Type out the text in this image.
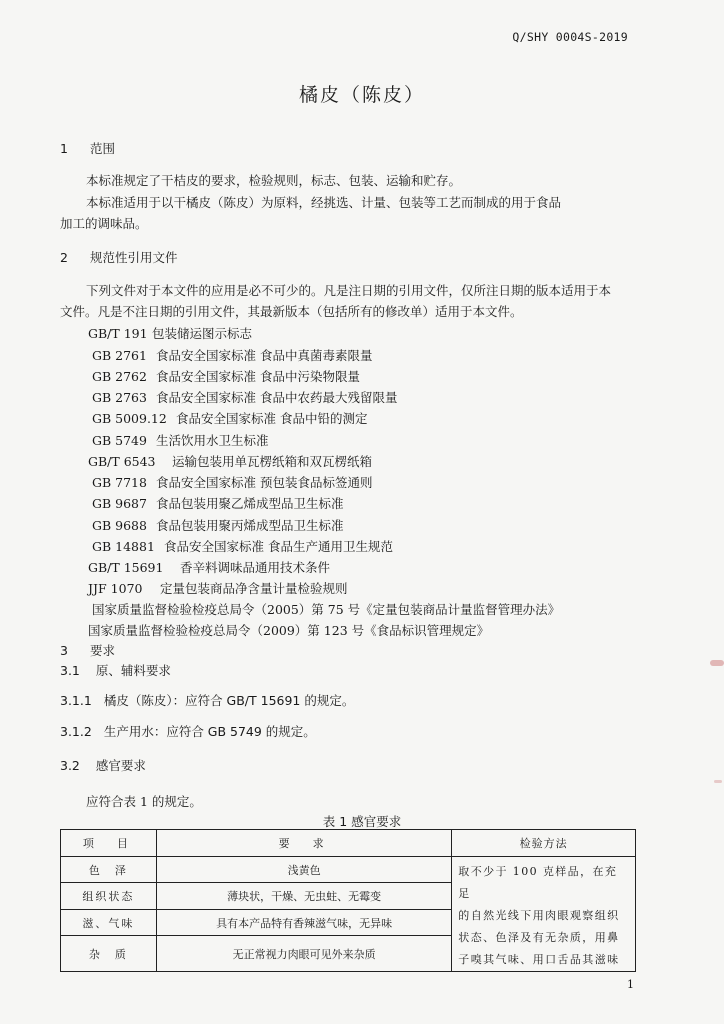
Q/SHY 0004S-2019
橘皮（陈皮）
1 范围
本标准规定了干桔皮的要求，检验规则，标志、包装、运输和贮存。
本标准适用于以干橘皮（陈皮）为原料，经挑选、计量、包装等工艺而制成的用于食品
加工的调味品。
2 规范性引用文件
下列文件对于本文件的应用是必不可少的。凡是注日期的引用文件，仅所注日期的版本适用于本
文件。凡是不注日期的引用文件，其最新版本（包括所有的修改单）适用于本文件。
GB/T 191 包装储运图示标志
GB 2761 食品安全国家标准 食品中真菌毒素限量
GB 2762 食品安全国家标准 食品中污染物限量
GB 2763 食品安全国家标准 食品中农药最大残留限量
GB 5009.12 食品安全国家标准 食品中铅的测定
GB 5749 生活饮用水卫生标准
GB/T 6543 运输包装用单瓦楞纸箱和双瓦楞纸箱
GB 7718 食品安全国家标准 预包装食品标签通则
GB 9687 食品包装用聚乙烯成型品卫生标准
GB 9688 食品包装用聚丙烯成型品卫生标准
GB 14881 食品安全国家标准 食品生产通用卫生规范
GB/T 15691 香辛料调味品通用技术条件
JJF 1070 定量包装商品净含量计量检验规则
国家质量监督检验检疫总局令（2005）第 75 号《定量包装商品计量监督管理办法》
国家质量监督检验检疫总局令（2009）第 123 号《食品标识管理规定》
3 要求
3.1 原、辅料要求
3.1.1 橘皮（陈皮）：应符合 GB/T 15691 的规定。
3.1.2 生产用水：应符合 GB 5749 的规定。
3.2 感官要求
应符合表 1 的规定。
表 1 感官要求
项　目	要　求	检验方法
色　泽	浅黄色	取不少于 100 克样品，在充足
的自然光线下用肉眼观察组织
状态、色泽及有无杂质，用鼻
子嗅其气味、用口舌品其滋味

组织状态	薄块状，干燥、无虫蛀、无霉变	
滋、气味	具有本产品特有香辣滋气味，无异味	
杂　质	无正常视力肉眼可见外来杂质	
1
